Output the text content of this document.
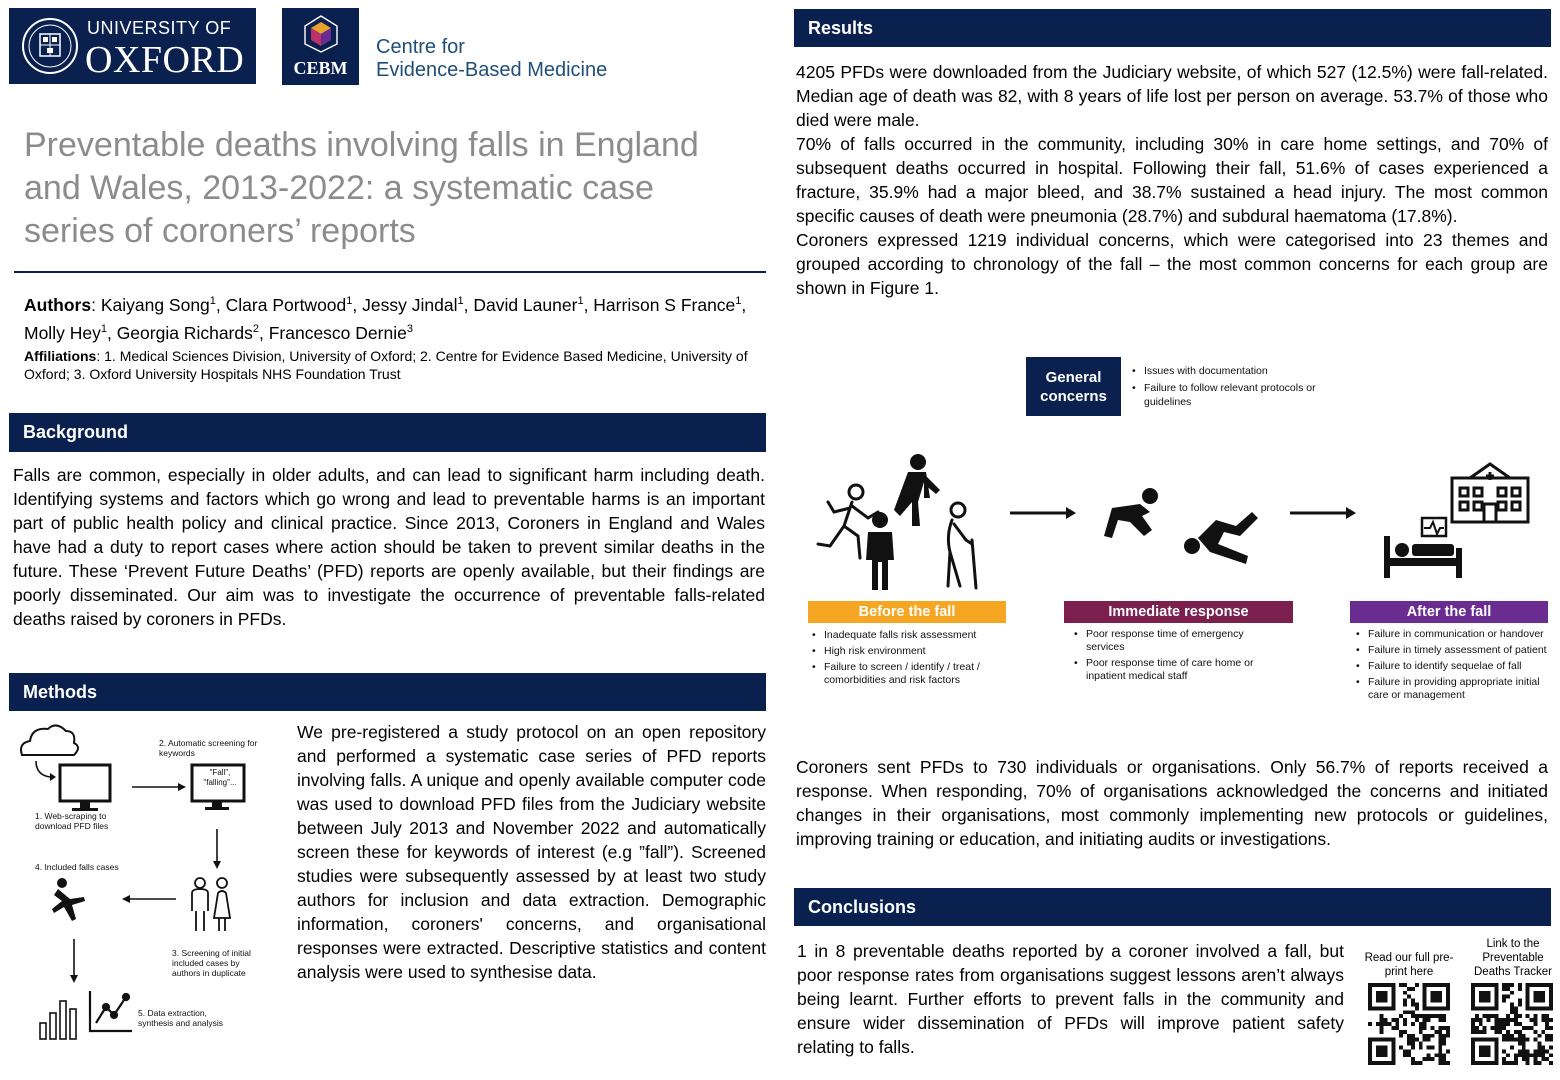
UNIVERSITY OF
OXFORD	CEBM
Centre for
Evidence-Based Medicine
Preventable deaths involving falls in England and Wales, 2013-2022: a systematic case series of coroners’ reports
Authors: Kaiyang Song$^1$, Clara Portwood$^1$, Jessy Jindal$^1$, David Launer$^1$, Harrison S France$^1$, Molly Hey$^1$, Georgia Richards$^2$, Francesco Dernie$^3$
Affiliations: 1. Medical Sciences Division, University of Oxford; 2. Centre for Evidence Based Medicine, University of Oxford; 3. Oxford University Hospitals NHS Foundation Trust
Background
Falls are common, especially in older adults, and can lead to significant harm including death. Identifying systems and factors which go wrong and lead to preventable harms is an important part of public health policy and clinical practice. Since 2013, Coroners in England and Wales have had a duty to report cases where action should be taken to prevent similar deaths in the future. These ‘Prevent Future Deaths’ (PFD) reports are openly available, but their findings are poorly disseminated. Our aim was to investigate the occurrence of preventable falls-related deaths raised by coroners in PFDs.
Methods
2. Automatic screening for keywords
"Fall", "falling"...
1. Web-scraping to download PFD files
4. Included falls cases
3. Screening of initial included cases by authors in duplicate
5. Data extraction, synthesis and analysis
We pre-registered a study protocol on an open repository and performed a systematic case series of PFD reports involving falls. A unique and openly available computer code was used to download PFD files from the Judiciary website between July 2013 and November 2022 and automatically screen these for keywords of interest (e.g ”fall”). Screened studies were subsequently assessed by at least two study authors for inclusion and data extraction. Demographic information, coroners' concerns, and organisational responses were extracted. Descriptive statistics and content analysis were used to synthesise data.
Results
4205 PFDs were downloaded from the Judiciary website, of which 527 (12.5%) were fall-related. Median age of death was 82, with 8 years of life lost per person on average. 53.7% of those who died were male.
70% of falls occurred in the community, including 30% in care home settings, and 70% of subsequent deaths occurred in hospital. Following their fall, 51.6% of cases experienced a fracture, 35.9% had a major bleed, and 38.7% sustained a head injury. The most common specific causes of death were pneumonia (28.7%) and subdural haematoma (17.8%).
Coroners expressed 1219 individual concerns, which were categorised into 23 themes and grouped according to chronology of the fall – the most common concerns for each group are shown in Figure 1.
General concerns
• Issues with documentation
• Failure to follow relevant protocols or guidelines
Before the fall	Immediate response	After the fall
• Inadequate falls risk assessment
• High risk environment
• Failure to screen / identify / treat / comorbidities and risk factors
• Poor response time of emergency services
• Poor response time of care home or inpatient medical staff
• Failure in communication or handover
• Failure in timely assessment of patient
• Failure to identify sequelae of fall
• Failure in providing appropriate initial care or management
Coroners sent PFDs to 730 individuals or organisations. Only 56.7% of reports received a response. When responding, 70% of organisations acknowledged the concerns and initiated changes in their organisations, most commonly implementing new protocols or guidelines, improving training or education, and initiating audits or investigations.
Conclusions
1 in 8 preventable deaths reported by a coroner involved a fall, but poor response rates from organisations suggest lessons aren’t always being learnt. Further efforts to prevent falls in the community and ensure wider dissemination of PFDs will improve patient safety relating to falls.
Read our full pre-print here
Link to the Preventable Deaths Tracker
